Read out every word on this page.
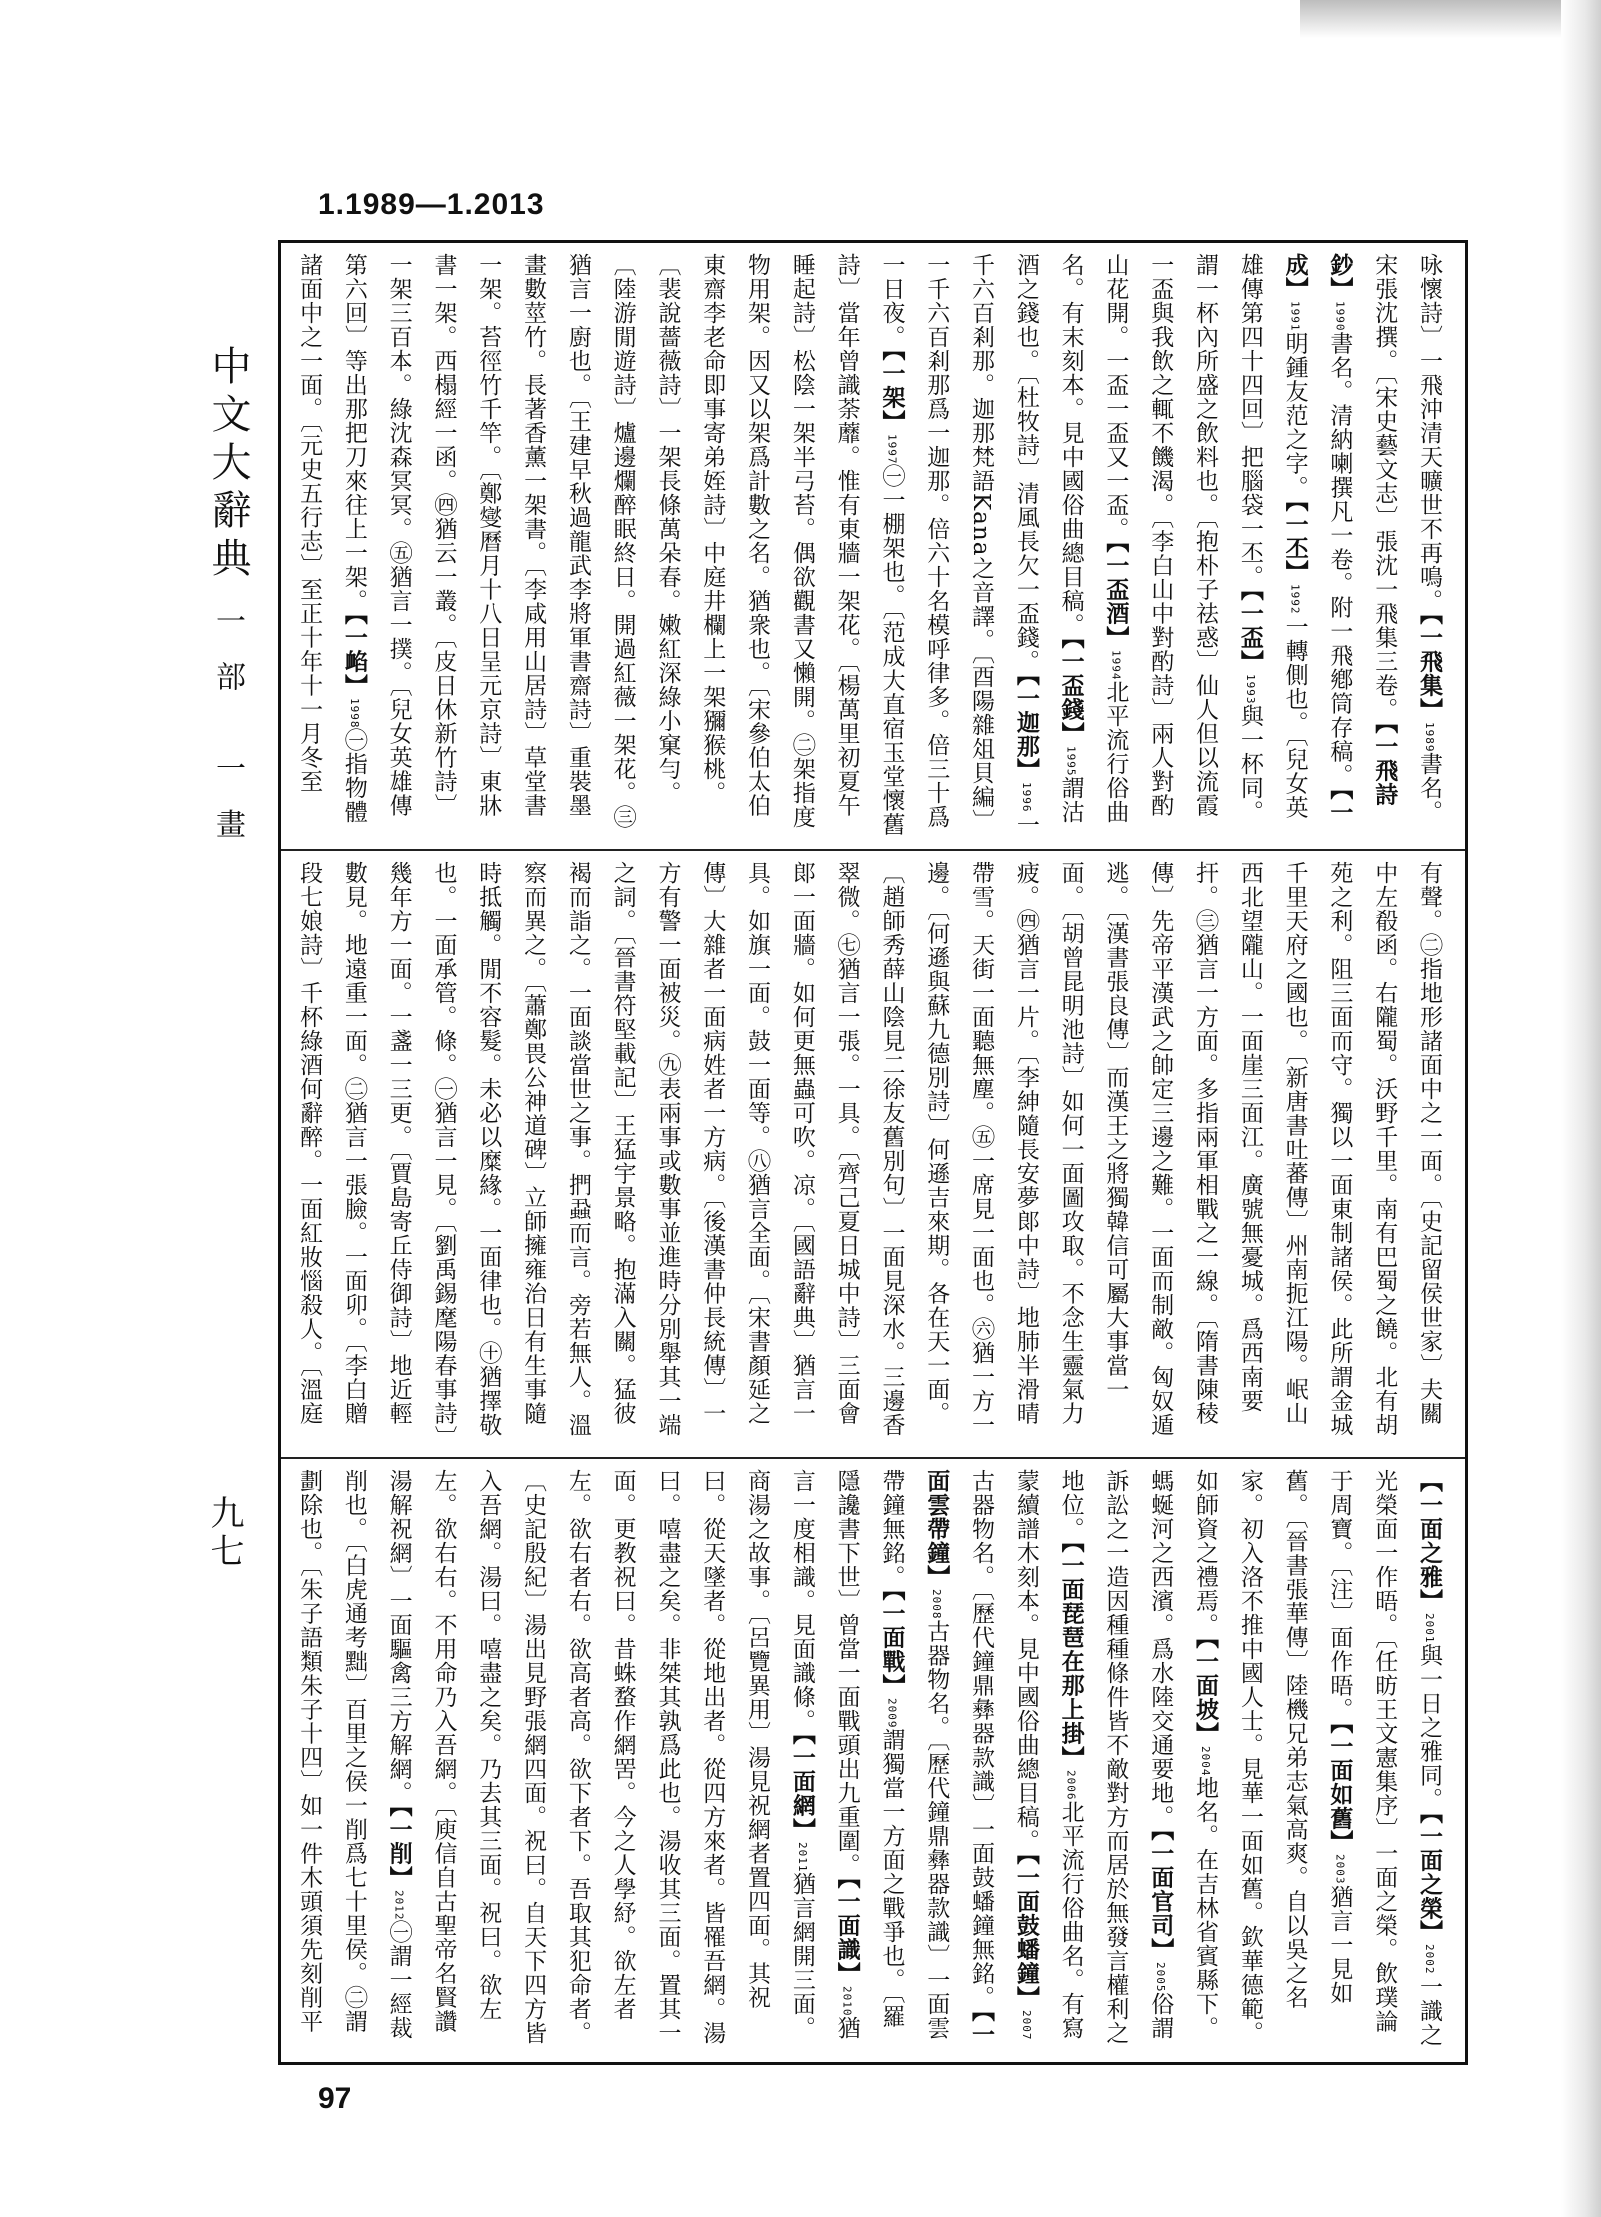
1.1989—1.2013
中文大辭典
一部 一畫
九七
咏懷詩〕一飛沖清天曠世不再鳴。【 一飛集 】1989書名。宋張沈撰。〔宋史藝文志〕張沈一飛集三卷。【 一飛詩鈔 】1990書名。清納喇撰凡一卷。附一飛鄕筒存稿。【 一成 】1991明鍾友范之字。【 一丕 】1992一轉側也。〔兒女英雄傳第四十四回〕把腦袋一丕。【 一盃 】1993與一杯同。謂一杯內所盛之飲料也。〔抱朴子祛惑〕仙人但以流霞一盃與我飲之輒不饑渴。〔李白山中對酌詩〕兩人對酌山花開。一盃一盃又一盃。【 一盃酒 】1994北平流行俗曲名。有末刻本。見中國俗曲總目稿。【 一盃錢 】1995謂沽酒之錢也。〔杜牧詩〕清風長欠一盃錢。【 一迦那 】1996一千六百剎那。迦那梵語Kana之音譯。〔酉陽雜俎貝編〕一千六百剎那爲一迦那。倍六十名模呼律多。倍三十爲一日夜。【 一架 】1997㊀一棚架也。〔范成大直宿玉堂懷舊詩〕當年曾識荼蘼。惟有東牆一架花。〔楊萬里初夏午睡起詩〕松陰一架半弓苔。偶欲觀書又懶開。㊁架指度物用架。因又以架爲計數之名。猶衆也。〔宋參伯太伯東齋李老命即事寄弟姪詩〕中庭井欄上一架獼猴桃。〔裴說薔薇詩〕一架長條萬朵春。嫩紅深綠小窠勻。〔陸游閒遊詩〕爐邊爛醉眠終日。開過紅薇一架花。㊂猶言一廚也。〔王建早秋過龍武李將軍書齋詩〕重裝墨畫數莖竹。長著香薰一架書。〔李咸用山居詩〕草堂書一架。苔徑竹千竿。〔鄭燮曆月十八日呈元京詩〕東牀書一架。西榻經一函。㊃猶云一叢。〔皮日休新竹詩〕一架三百本。綠沈森冥冥。㊄猶言一撲。〔兒女英雄傳第六回〕等出那把刀來往上一架。【 一䘓 】1998㊀指物體諸面中之一面。〔元史五行志〕至正十年十一月冬至
有聲。㊁指地形諸面中之一面。〔史記留侯世家〕夫關中左殽函。右隴蜀。沃野千里。南有巴蜀之饒。北有胡苑之利。阻三面而守。獨以一面東制諸侯。此所謂金城千里天府之國也。〔新唐書吐蕃傳〕州南扼江陽。岷山西北望隴山。一面崖三面江。廣號無憂城。爲西南要扞。㊂猶言一方面。多指兩軍相戰之一線。〔隋書陳稜傳〕先帝平漢武之帥定三邊之難。一面而制敵。匈奴遁逃。〔漢書張良傳〕而漢王之將獨韓信可屬大事當一面。〔胡曾昆明池詩〕如何一面圖攻取。不念生靈氣力疲。㊃猶言一片。〔李紳隨長安夢郞中詩〕地肺半滑晴帶雪。天街一面聽無塵。㊄一席見一面也。㊅猶一方一邊。〔何遜與蘇九德別詩〕何遜吉來期。各在天一面。〔趙師秀薛山陰見二徐友舊別句〕一面見深水。三邊香翠微。㊆猶言一張。一具。〔齊己夏日城中詩〕三面會郞一面牆。如何更無蟲可吹。凉。〔國語辭典〕猶言一具。如旗一面。鼓一面等。㊇猶言全面。〔宋書顏延之傳〕大雜者一面病姓者一方病。〔後漢書仲長統傳〕一方有警一面被災。㊈表兩事或數事並進時分別舉其一端之詞。〔晉書符堅載記〕王猛宇景略。抱滿入關。猛彼褐而詣之。一面談當世之事。捫蝨而言。旁若無人。溫察而異之。〔蕭鄭畏公神道碑〕立師擁雍治日有生事隨時抵觸。閒不容髮。未必以糜緣。一面律也。㊉猶擇敬也。一面承管。條。㊀猶言一見。〔劉禹錫麾陽春事詩〕幾年方一面。一盞一三更。〔賈島寄丘侍御詩〕地近輕數見。地遠重一面。㊁猶言一張臉。一面卯。〔李白贈段七娘詩〕千杯綠酒何辭醉。一面紅妝惱殺人。〔溫庭
【 一面之雅 】2001與一日之雅同。【 一面之榮 】2002一識之光榮面一作晤。〔任昉王文憲集序〕一面之榮。飲璞論于周寶。〔注〕面作晤。【 一面如舊 】2003猶言一見如舊。〔晉書張華傳〕陸機兄弟志氣高爽。自以吳之名家。初入洛不推中國人士。見華一面如舊。欽華德範。如師資之禮焉。【 一面坡 】2004地名。在吉林省賓縣下。螞蜒河之西濱。爲水陸交通要地。【 一面官司 】2005俗謂訴訟之一造因種種條件皆不敵對方而居於無發言權利之地位。【 一面琵琶在那上掛 】2006北平流行俗曲名。有寫蒙續譜木刻本。見中國俗曲總目稿。【 一面鼓蟠鐘 】2007古器物名。〔歷代鐘鼎彝器款識〕一面鼓蟠鐘無銘。【 一面雲帶鐘 】2008古器物名。〔歷代鐘鼎彝器款識〕一面雲帶鐘無銘。【 一面戰 】2009謂獨當一方面之戰爭也。〔羅隱讒書下世〕曾當一面戰頭出九重圍。【 一面識 】2010猶言一度相識。見面識條。【 一面網 】2011猶言網開三面。商湯之故事。〔呂覽異用〕湯見祝網者置四面。其祝曰。從天墜者。從地出者。從四方來者。皆罹吾網。湯曰。嘻盡之矣。非桀其孰爲此也。湯收其三面。置其一面。更教祝曰。昔蛛蝥作網罟。今之人學紓。欲左者左。欲右者右。欲高者高。欲下者下。吾取其犯命者。〔史記殷紀〕湯出見野張網四面。祝曰。自天下四方皆入吾網。湯曰。嘻盡之矣。乃去其三面。祝曰。欲左左。欲右右。不用命乃入吾網。〔庾信自古聖帝名賢讚湯解祝網〕一面驅禽三方解網。【 一削 】2012㊀謂一經裁削也。〔白虎通考黜〕百里之侯一削爲七十里侯。㊁謂劃除也。〔朱子語類朱子十四〕如一件木頭須先刻削平
97
